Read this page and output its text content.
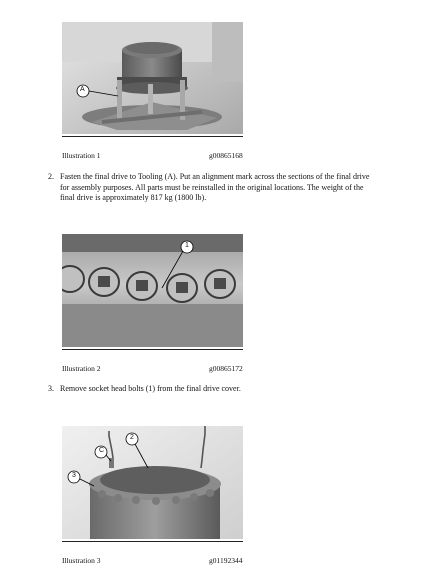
A
Illustration 1	g00865168
2. Fasten the final drive to Tooling (A). Put an alignment mark across the sections of the final drive for assembly purposes. All parts must be reinstalled in the original locations. The weight of the final drive is approximately 817 kg (1800 lb).
1
Illustration 2	g00865172
3. Remove socket head bolts (1) from the final drive cover.
C
2
3
Illustration 3	g01192344
